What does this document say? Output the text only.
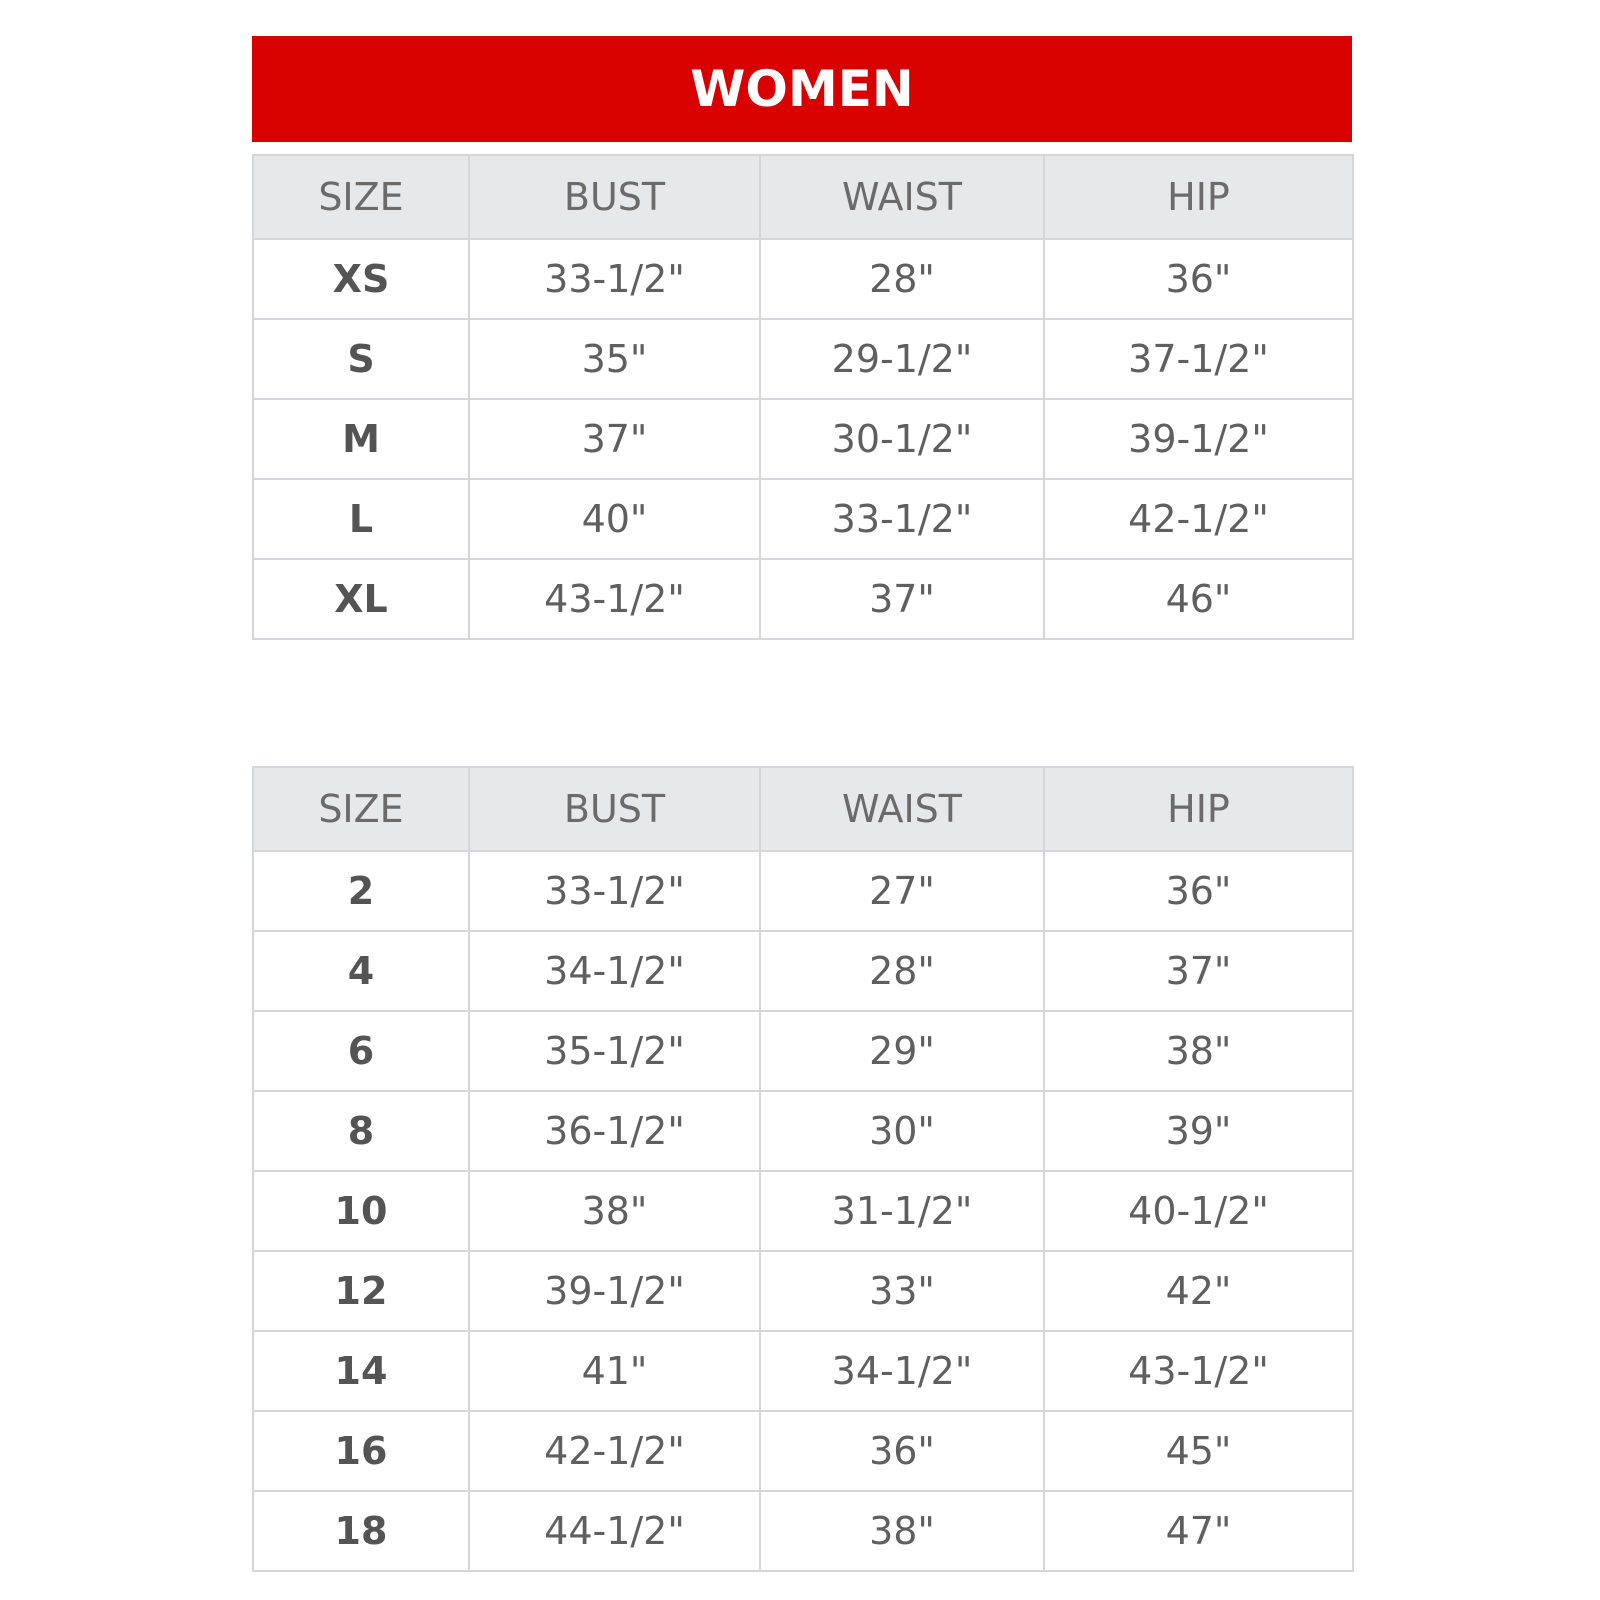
WOMEN
SIZE	BUST	WAIST	HIP
XS	33-1/2"	28"	36"
S	35"	29-1/2"	37-1/2"
M	37"	30-1/2"	39-1/2"
L	40"	33-1/2"	42-1/2"
XL	43-1/2"	37"	46"
SIZE	BUST	WAIST	HIP
2	33-1/2"	27"	36"
4	34-1/2"	28"	37"
6	35-1/2"	29"	38"
8	36-1/2"	30"	39"
10	38"	31-1/2"	40-1/2"
12	39-1/2"	33"	42"
14	41"	34-1/2"	43-1/2"
16	42-1/2"	36"	45"
18	44-1/2"	38"	47"
